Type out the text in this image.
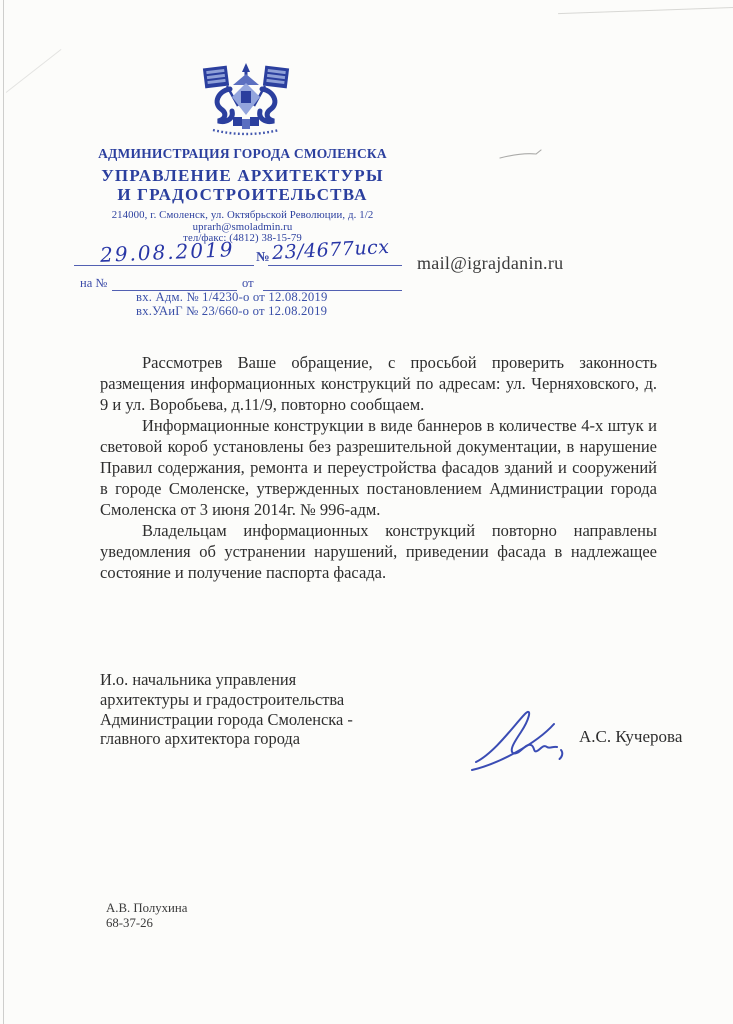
АДМИНИСТРАЦИЯ ГОРОДА СМОЛЕНСКА
УПРАВЛЕНИЕ АРХИТЕКТУРЫ
И ГРАДОСТРОИТЕЛЬСТВА
214000, г. Смоленск, ул. Октябрьской Революции, д. 1/2
uprarh@smoladmin.ru
тел/факс: (4812) 38-15-79
29.08.2019 № 23/4677исх
на №	от
вх. Адм. № 1/4230-о от 12.08.2019
вх.УАиГ № 23/660-о от 12.08.2019
mail@igrajdanin.ru

Рассмотрев Ваше обращение, с просьбой проверить законность размещения информационных конструкций по адресам: ул. Черняховского, д. 9 и ул. Воробьева, д.11/9, повторно сообщаем.

Информационные конструкции в виде баннеров в количестве 4-х штук и световой короб установлены без разрешительной документации, в нарушение Правил содержания, ремонта и переустройства фасадов зданий и сооружений в городе Смоленске, утвержденных постановлением Администрации города Смоленска от 3 июня 2014г. № 996-адм.

Владельцам информационных конструкций повторно направлены уведомления об устранении нарушений, приведении фасада в надлежащее состояние и получение паспорта фасада.

И.о. начальника управления
архитектуры и градостроительства
Администрации города Смоленска -
главного архитектора города	А.С. Кучерова
А.В. Полухина
68-37-26
